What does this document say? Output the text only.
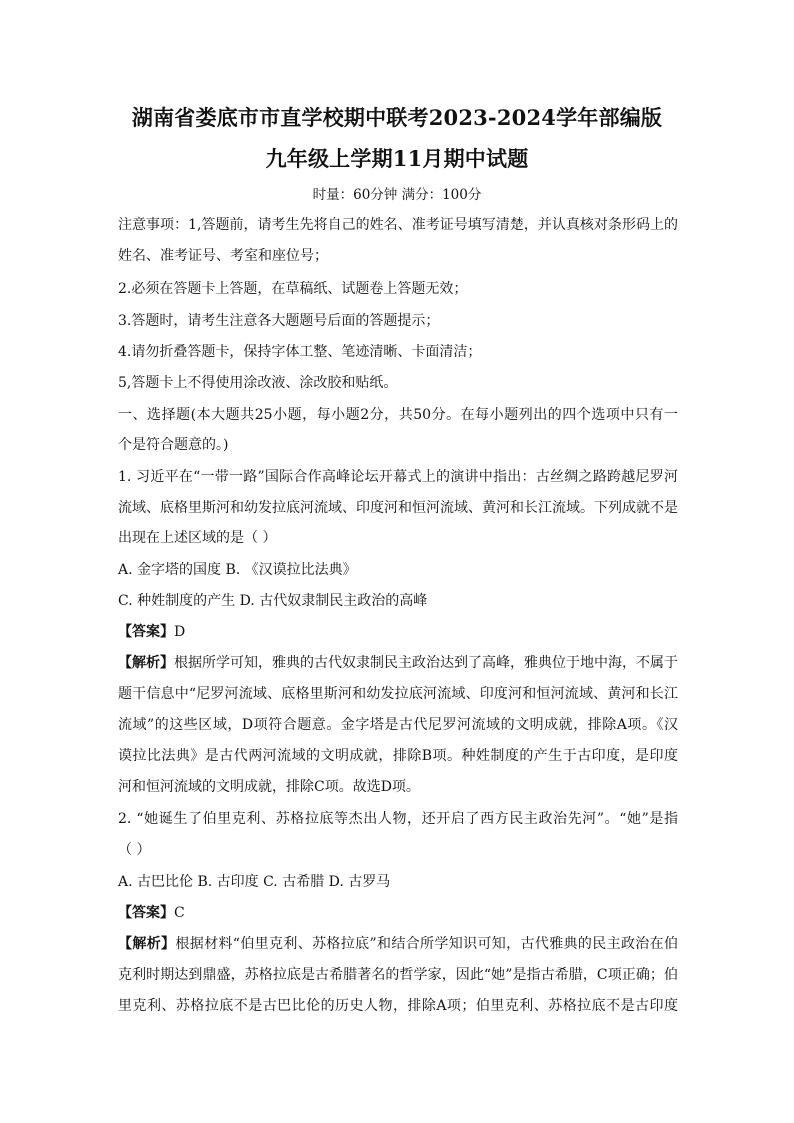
湖南省娄底市市直学校期中联考2023-2024学年部编版
九年级上学期11月期中试题
时量：60分钟 满分：100分
注意事项：1,答题前，请考生先将自己的姓名、准考证号填写清楚，并认真核对条形码上的
姓名、准考证号、考室和座位号；
2.必须在答题卡上答题，在草稿纸、试题卷上答题无效；
3.答题时，请考生注意各大题题号后面的答题提示；
4.请勿折叠答题卡，保持字体工整、笔迹清晰、卡面清洁；
5,答题卡上不得使用涂改液、涂改胶和贴纸。
一、选择题(本大题共25小题，每小题2分，共50分。在每小题列出的四个选项中只有一
个是符合题意的。)
1. 习近平在“一带一路”国际合作高峰论坛开幕式上的演讲中指出：古丝绸之路跨越尼罗河
流域、底格里斯河和幼发拉底河流域、印度河和恒河流域、黄河和长江流域。下列成就不是
出现在上述区域的是（ ）
A. 金字塔的国度 B. 《汉谟拉比法典》
C. 种姓制度的产生 D. 古代奴隶制民主政治的高峰
【答案】D
【解析】根据所学可知，雅典的古代奴隶制民主政治达到了高峰，雅典位于地中海，不属于
题干信息中“尼罗河流域、底格里斯河和幼发拉底河流域、印度河和恒河流域、黄河和长江
流域”的这些区域，D项符合题意。金字塔是古代尼罗河流域的文明成就，排除A项。《汉
谟拉比法典》是古代两河流域的文明成就，排除B项。种姓制度的产生于古印度，是印度
河和恒河流域的文明成就，排除C项。故选D项。
2. “她诞生了伯里克利、苏格拉底等杰出人物，还开启了西方民主政治先河”。“她”是指
（ ）
A. 古巴比伦 B. 古印度 C. 古希腊 D. 古罗马
【答案】C
【解析】根据材料“伯里克利、苏格拉底”和结合所学知识可知，古代雅典的民主政治在伯
克利时期达到鼎盛，苏格拉底是古希腊著名的哲学家，因此“她”是指古希腊，C项正确；伯
里克利、苏格拉底不是古巴比伦的历史人物，排除A项；伯里克利、苏格拉底不是古印度
